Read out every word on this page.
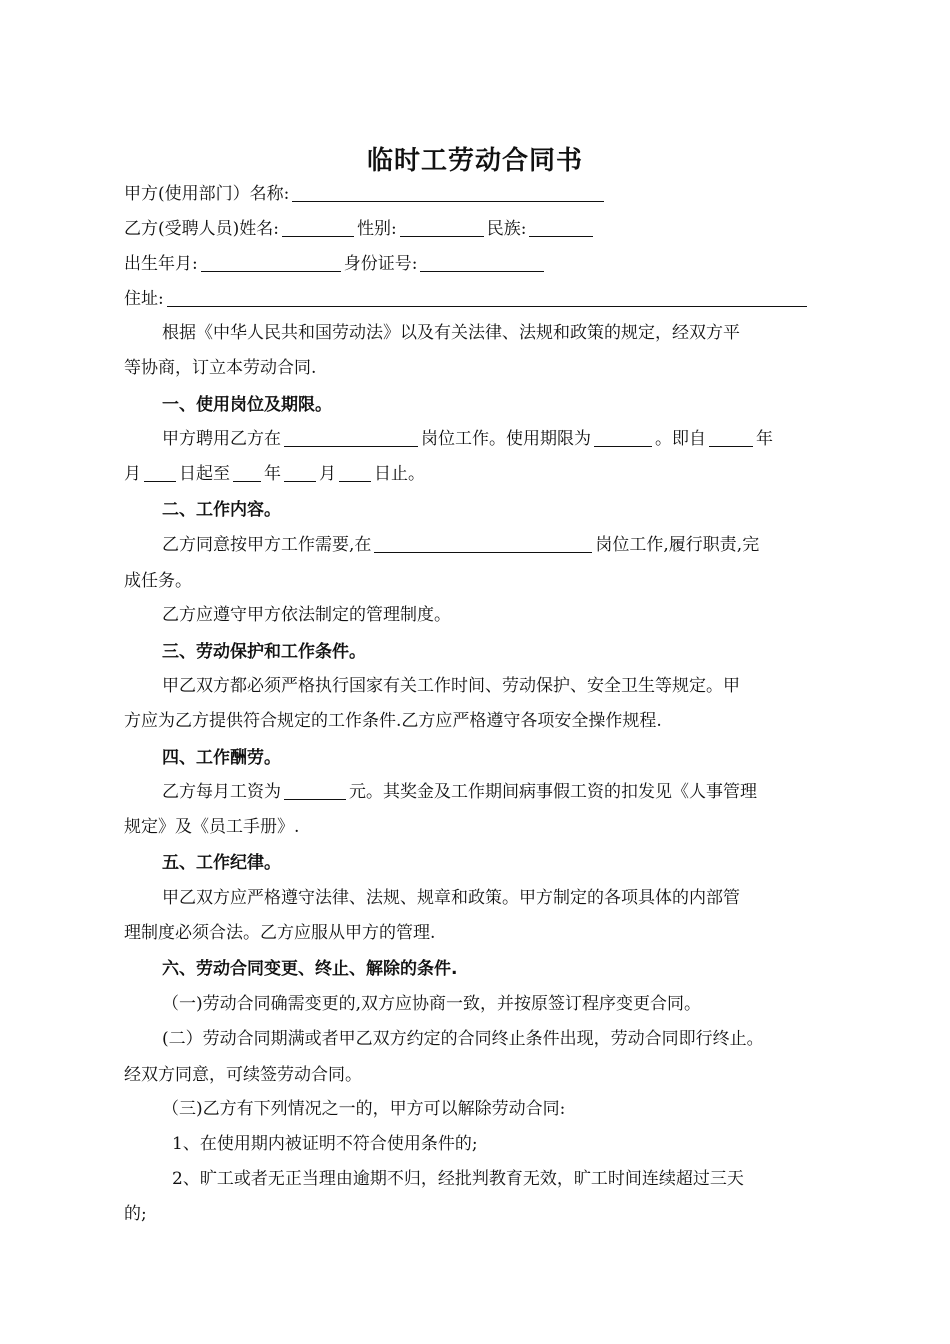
临时工劳动合同书
甲方(使用部门）名称:
乙方(受聘人员)姓名:	性别:	民族:
出生年月:	身份证号:
住址:
根据《中华人民共和国劳动法》以及有关法律、法规和政策的规定，经双方平
等协商，订立本劳动合同.
一、使用岗位及期限。
甲方聘用乙方在	岗位工作。使用期限为	。即自	年
月 日起至 年 月 日止。
二、工作内容。
乙方同意按甲方工作需要,在	岗位工作,履行职责,完
成任务。
乙方应遵守甲方依法制定的管理制度。
三、劳动保护和工作条件。
甲乙双方都必须严格执行国家有关工作时间、劳动保护、安全卫生等规定。甲
方应为乙方提供符合规定的工作条件.乙方应严格遵守各项安全操作规程.
四、工作酬劳。
乙方每月工资为	元。其奖金及工作期间病事假工资的扣发见《人事管理
规定》及《员工手册》.
五、工作纪律。
甲乙双方应严格遵守法律、法规、规章和政策。甲方制定的各项具体的内部管
理制度必须合法。乙方应服从甲方的管理.
六、劳动合同变更、终止、解除的条件.
（一)劳动合同确需变更的,双方应协商一致，并按原签订程序变更合同。
(二）劳动合同期满或者甲乙双方约定的合同终止条件出现，劳动合同即行终止。
经双方同意，可续签劳动合同。
（三)乙方有下列情况之一的，甲方可以解除劳动合同:
1、在使用期内被证明不符合使用条件的;
2、旷工或者无正当理由逾期不归，经批判教育无效，旷工时间连续超过三天
的;
